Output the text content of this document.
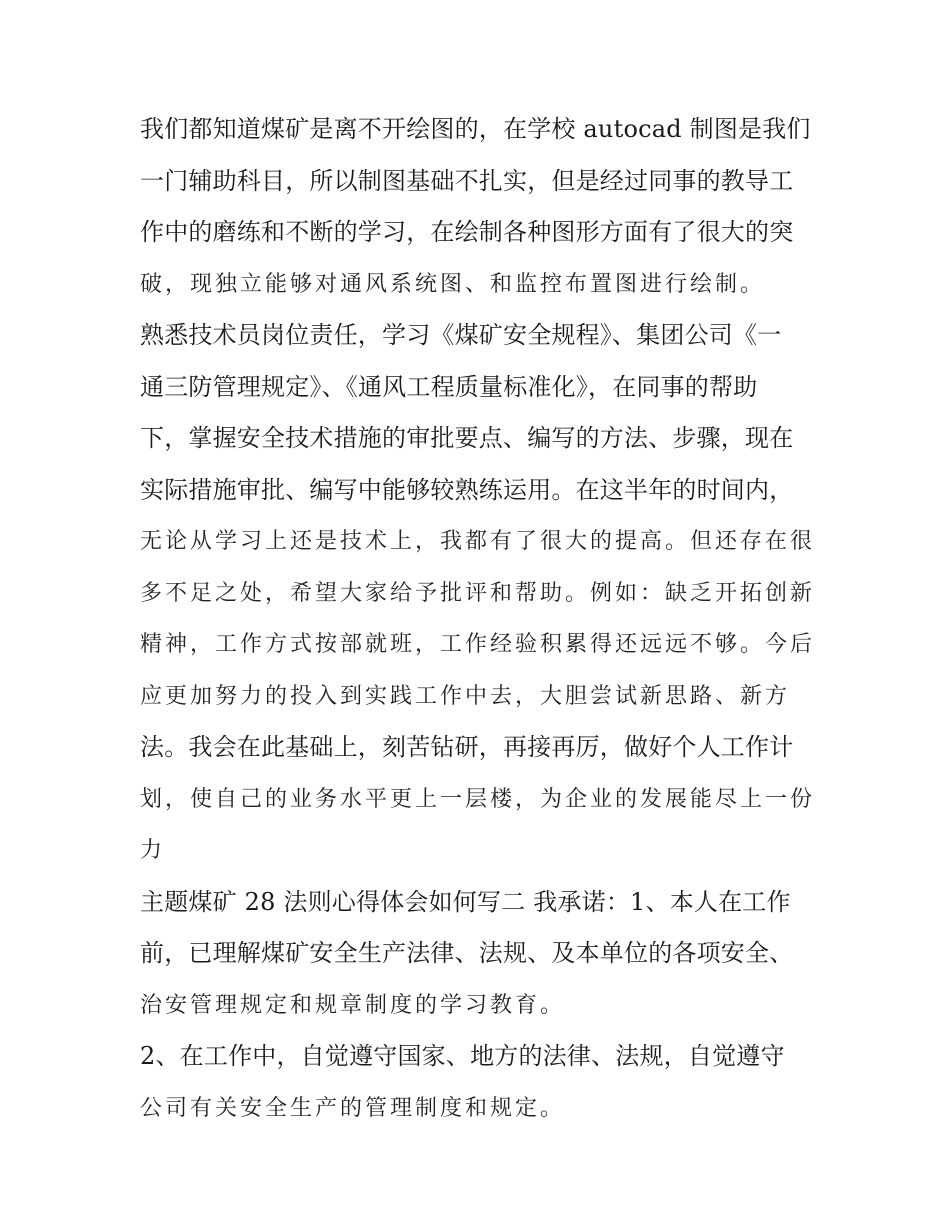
我们都知道煤矿是离不开绘图的，在学校 autocad 制图是我们
一门辅助科目，所以制图基础不扎实，但是经过同事的教导工
作中的磨练和不断的学习，在绘制各种图形方面有了很大的突
破，现独立能够对通风系统图、和监控布置图进行绘制。
熟悉技术员岗位责任，学习《煤矿安全规程》、集团公司《一
通三防管理规定》、《通风工程质量标准化》，在同事的帮助
下，掌握安全技术措施的审批要点、编写的方法、步骤，现在
实际措施审批、编写中能够较熟练运用。在这半年的时间内，
无论从学习上还是技术上，我都有了很大的提高。但还存在很
多不足之处，希望大家给予批评和帮助。例如：缺乏开拓创新
精神，工作方式按部就班，工作经验积累得还远远不够。今后
应更加努力的投入到实践工作中去，大胆尝试新思路、新方
法。我会在此基础上，刻苦钻研，再接再厉，做好个人工作计
划，使自己的业务水平更上一层楼，为企业的发展能尽上一份
力
主题煤矿 28 法则心得体会如何写二 我承诺：1、本人在工作
前，已理解煤矿安全生产法律、法规、及本单位的各项安全、
治安管理规定和规章制度的学习教育。
2、在工作中，自觉遵守国家、地方的法律、法规，自觉遵守
公司有关安全生产的管理制度和规定。
